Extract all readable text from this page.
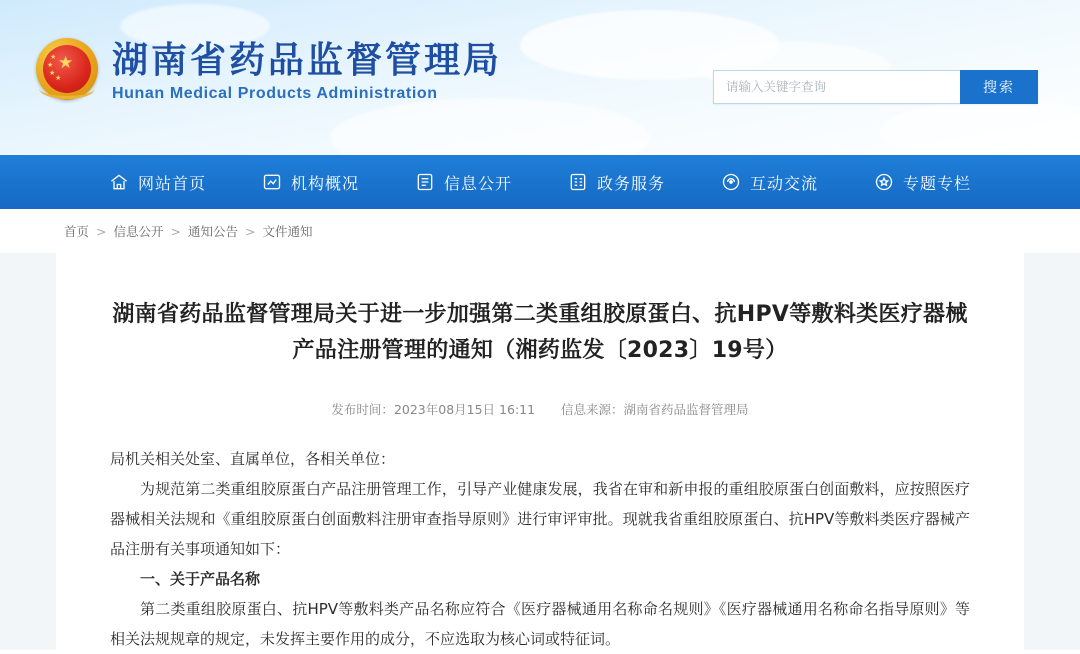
★
★
★
★
★ 湖南省药品监督管理局
Hunan Medical Products Administration
请输入关键字查询	搜索
网站首页	机构概况	信息公开	政务服务	互动交流	专题专栏
首页 > 信息公开 > 通知公告 > 文件通知
湖南省药品监督管理局关于进一步加强第二类重组胶原蛋白、抗HPV等敷料类医疗器械产品注册管理的通知（湘药监发〔2023〕19号）
发布时间：2023年08月15日 16:11 信息来源：湖南省药品监督管理局

局机关相关处室、直属单位，各相关单位：

为规范第二类重组胶原蛋白产品注册管理工作，引导产业健康发展，我省在审和新申报的重组胶原蛋白创面敷料，应按照医疗器械相关法规和《重组胶原蛋白创面敷料注册审查指导原则》进行审评审批。现就我省重组胶原蛋白、抗HPV等敷料类医疗器械产品注册有关事项通知如下：

一、关于产品名称

第二类重组胶原蛋白、抗HPV等敷料类产品名称应符合《医疗器械通用名称命名规则》《医疗器械通用名称命名指导原则》等相关法规规章的规定，未发挥主要作用的成分，不应选取为核心词或特征词。
